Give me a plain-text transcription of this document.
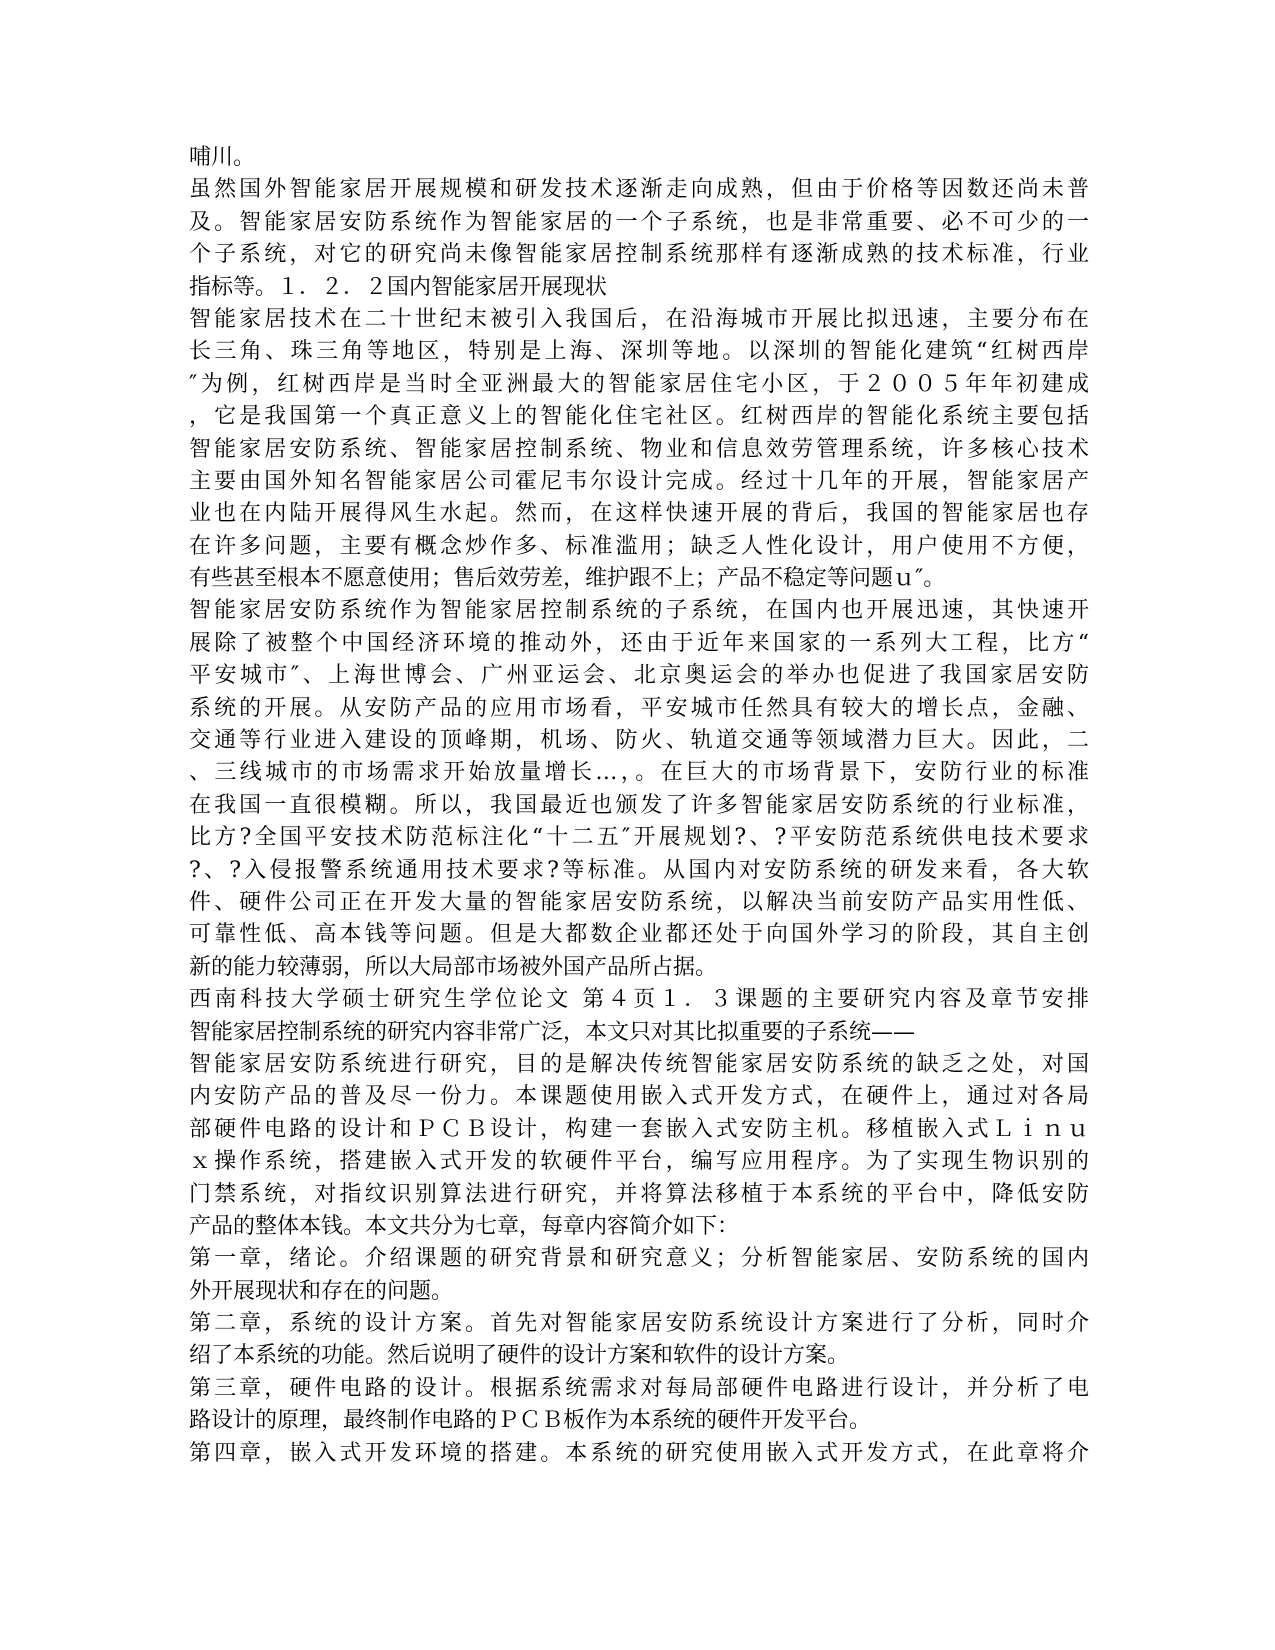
哺川。
虽然国外智能家居开展规模和研发技术逐渐走向成熟，但由于价格等因数还尚未普
及。智能家居安防系统作为智能家居的一个子系统，也是非常重要、必不可少的一
个子系统，对它的研究尚未像智能家居控制系统那样有逐渐成熟的技术标准，行业
指标等。１．２．２国内智能家居开展现状
智能家居技术在二十世纪末被引入我国后，在沿海城市开展比拟迅速，主要分布在
长三角、珠三角等地区，特别是上海、深圳等地。以深圳的智能化建筑“红树西岸
″为例，红树西岸是当时全亚洲最大的智能家居住宅小区，于２００５年年初建成
，它是我国第一个真正意义上的智能化住宅社区。红树西岸的智能化系统主要包括
智能家居安防系统、智能家居控制系统、物业和信息效劳管理系统，许多核心技术
主要由国外知名智能家居公司霍尼韦尔设计完成。经过十几年的开展，智能家居产
业也在内陆开展得风生水起。然而，在这样快速开展的背后，我国的智能家居也存
在许多问题，主要有概念炒作多、标准滥用；缺乏人性化设计，用户使用不方便，
有些甚至根本不愿意使用；售后效劳差，维护跟不上；产品不稳定等问题ｕ″。
智能家居安防系统作为智能家居控制系统的子系统，在国内也开展迅速，其快速开
展除了被整个中国经济环境的推动外，还由于近年来国家的一系列大工程，比方“
平安城市″、上海世博会、广州亚运会、北京奥运会的举办也促进了我国家居安防
系统的开展。从安防产品的应用市场看，平安城市任然具有较大的增长点，金融、
交通等行业进入建设的顶峰期，机场、防火、轨道交通等领域潜力巨大。因此，二
、三线城市的市场需求开始放量增长…，。在巨大的市场背景下，安防行业的标准
在我国一直很模糊。所以，我国最近也颁发了许多智能家居安防系统的行业标准，
比方?全国平安技术防范标注化“十二五″开展规划?、?平安防范系统供电技术要求
?、?入侵报警系统通用技术要求?等标准。从国内对安防系统的研发来看，各大软
件、硬件公司正在开发大量的智能家居安防系统，以解决当前安防产品实用性低、
可靠性低、高本钱等问题。但是大都数企业都还处于向国外学习的阶段，其自主创
新的能力较薄弱，所以大局部市场被外国产品所占据。
西南科技大学硕士研究生学位论文 第４页１．３课题的主要研究内容及章节安排
智能家居控制系统的研究内容非常广泛，本文只对其比拟重要的子系统——
智能家居安防系统进行研究，目的是解决传统智能家居安防系统的缺乏之处，对国
内安防产品的普及尽一份力。本课题使用嵌入式开发方式，在硬件上，通过对各局
部硬件电路的设计和ＰＣＢ设计，构建一套嵌入式安防主机。移植嵌入式Ｌｉｎｕ
ｘ操作系统，搭建嵌入式开发的软硬件平台，编写应用程序。为了实现生物识别的
门禁系统，对指纹识别算法进行研究，并将算法移植于本系统的平台中，降低安防
产品的整体本钱。本文共分为七章，每章内容简介如下：
第一章，绪论。介绍课题的研究背景和研究意义；分析智能家居、安防系统的国内
外开展现状和存在的问题。
第二章，系统的设计方案。首先对智能家居安防系统设计方案进行了分析，同时介
绍了本系统的功能。然后说明了硬件的设计方案和软件的设计方案。
第三章，硬件电路的设计。根据系统需求对每局部硬件电路进行设计，并分析了电
路设计的原理，最终制作电路的ＰＣＢ板作为本系统的硬件开发平台。
第四章，嵌入式开发环境的搭建。本系统的研究使用嵌入式开发方式，在此章将介
